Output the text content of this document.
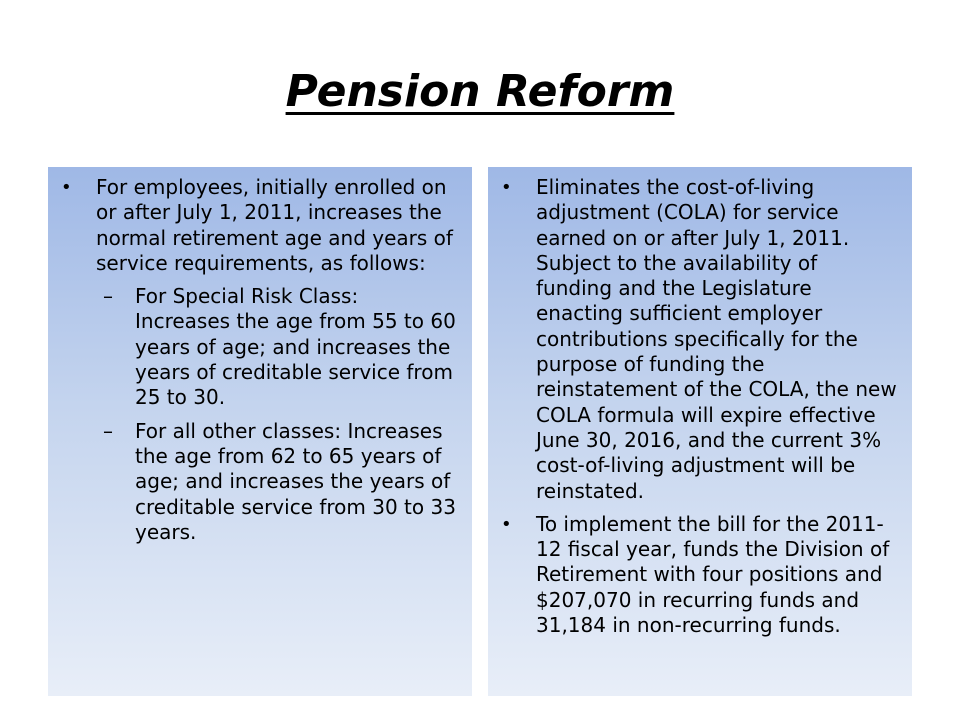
Pension Reform
• For employees, initially enrolled on or after July 1, 2011, increases the normal retirement age and years of service requirements, as follows:
– For Special Risk Class: Increases the age from 55 to 60 years of age; and increases the years of creditable service from 25 to 30.
– For all other classes: Increases the age from 62 to 65 years of age; and increases the years of creditable service from 30 to 33 years.
• Eliminates the cost-of-living adjustment (COLA) for service earned on or after July 1, 2011. Subject to the availability of funding and the Legislature enacting sufficient employer contributions specifically for the purpose of funding the reinstatement of the COLA, the new COLA formula will expire effective June 30, 2016, and the current 3% cost-of-living adjustment will be reinstated.
• To implement the bill for the 2011-12 fiscal year, funds the Division of Retirement with four positions and $207,070 in recurring funds and 31,184 in non-recurring funds.
